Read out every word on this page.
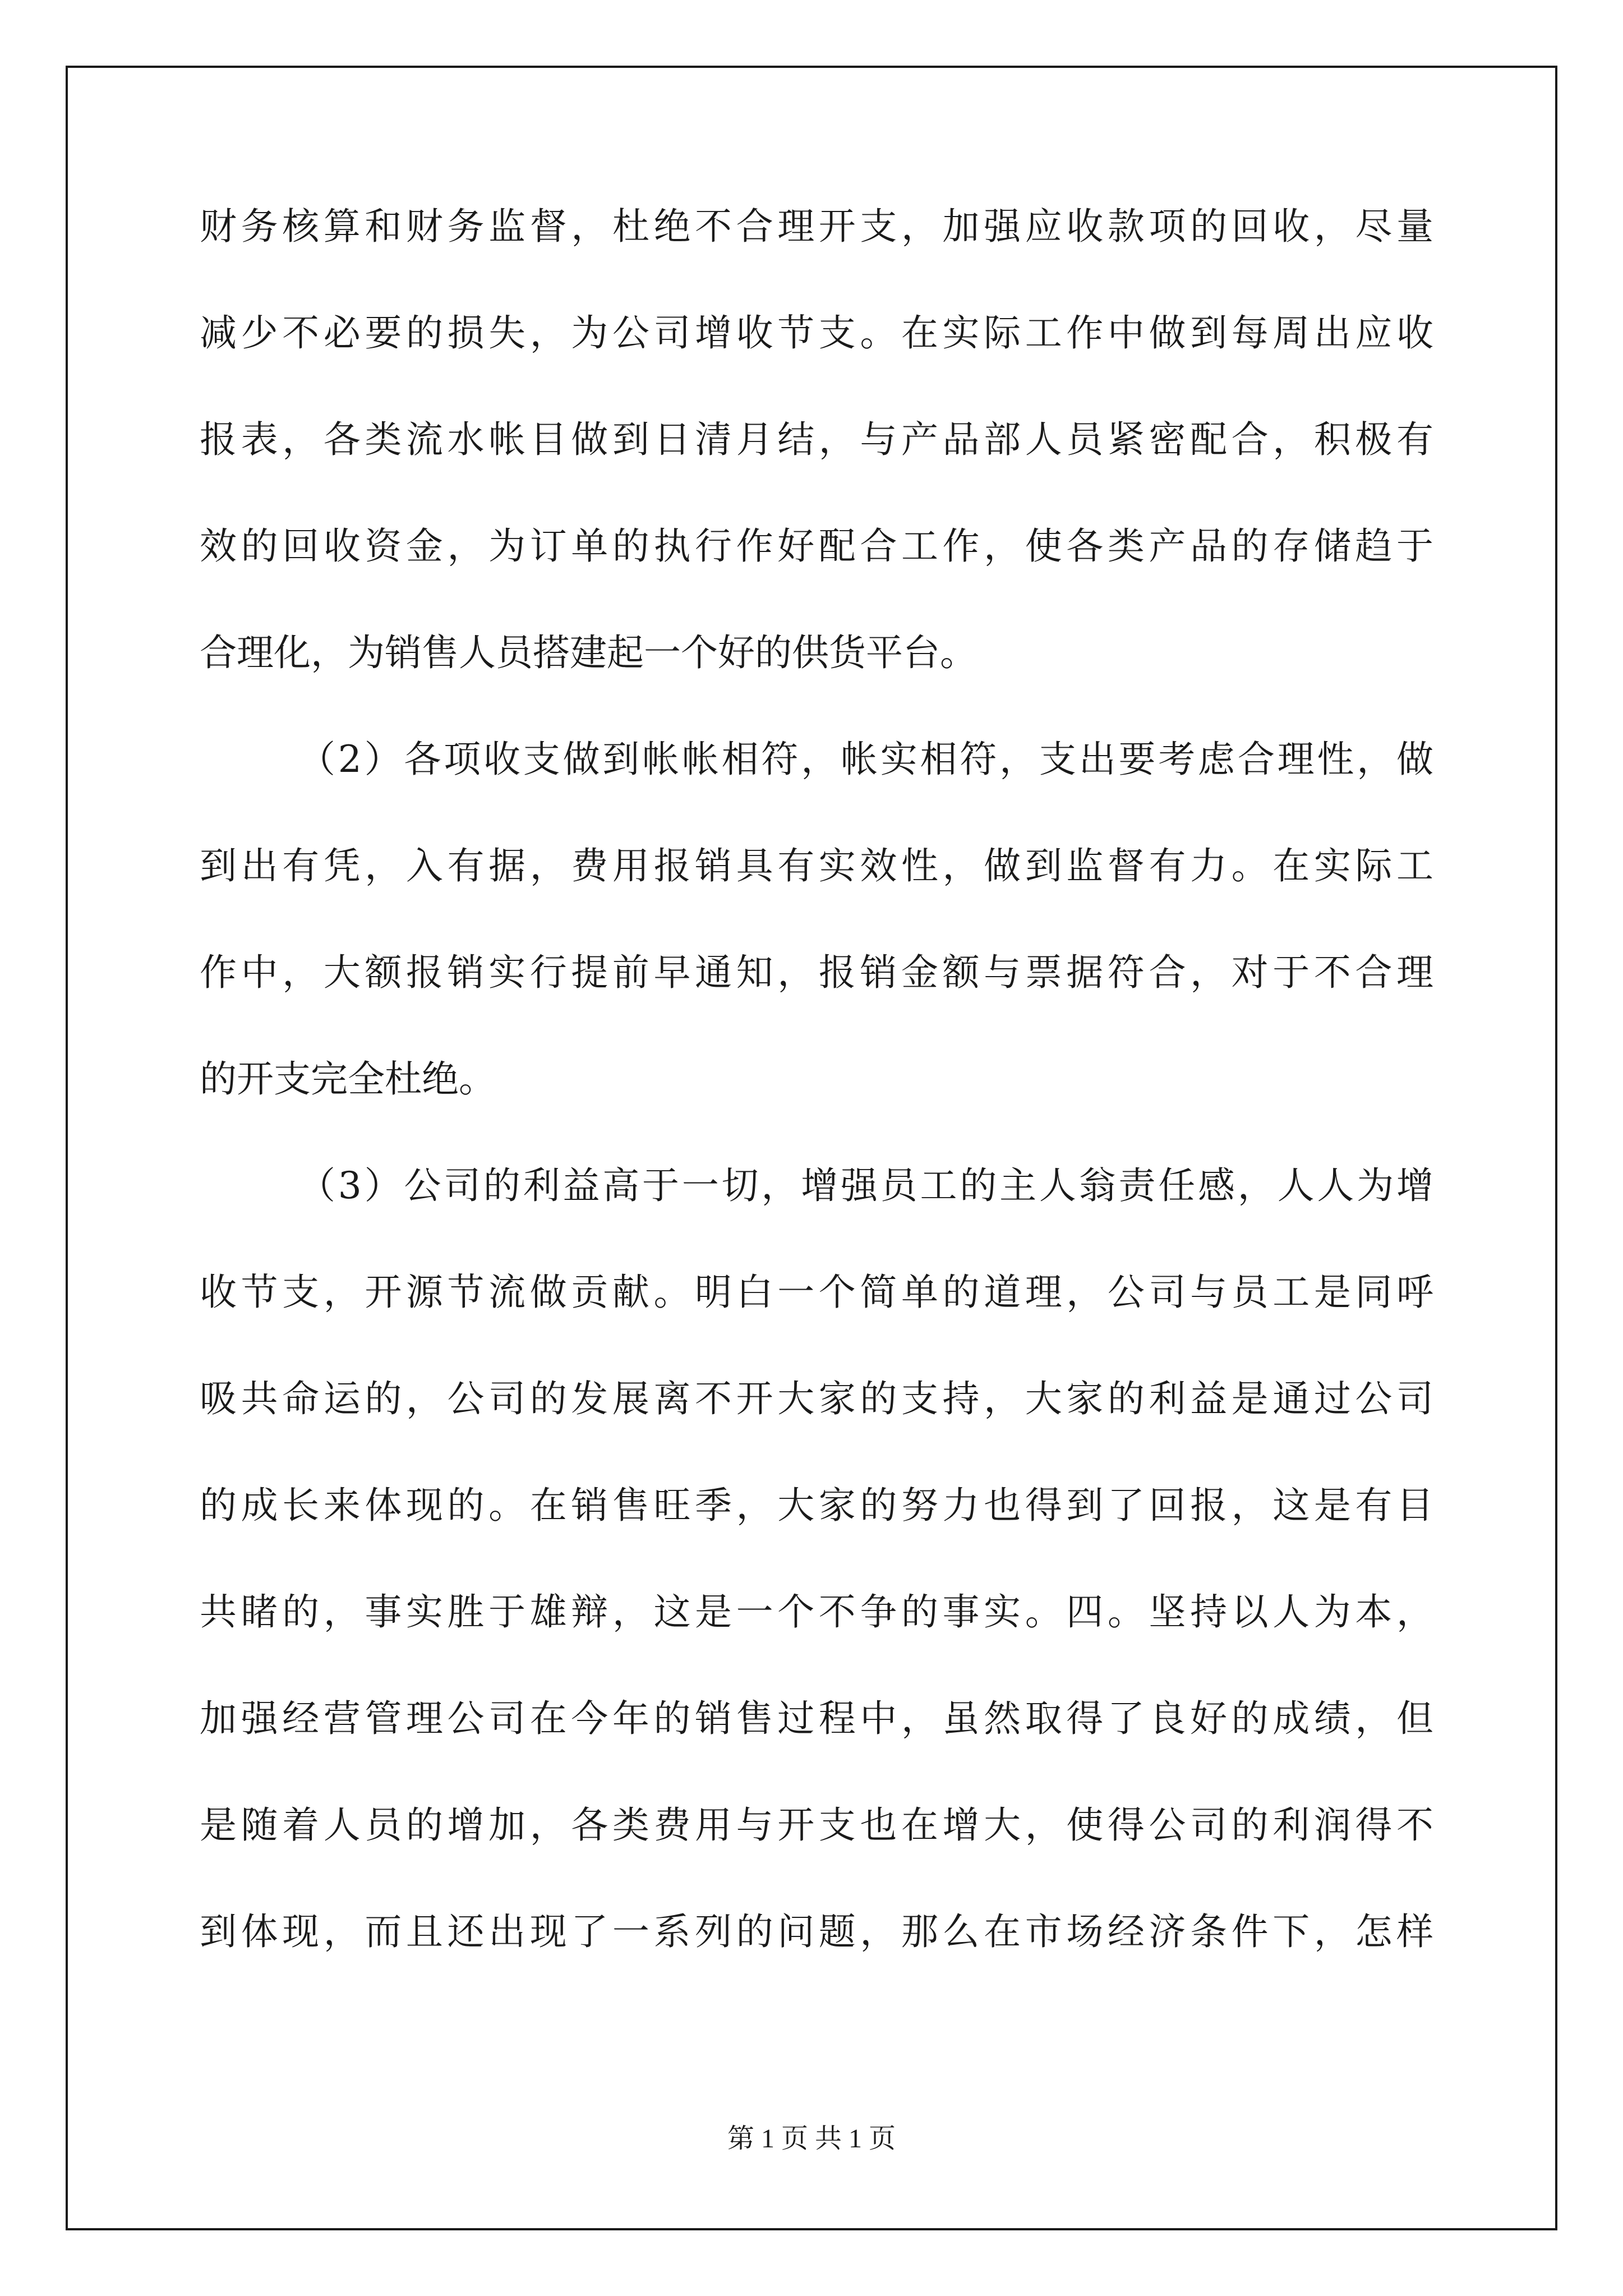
财务核算和财务监督，杜绝不合理开支，加强应收款项的回收，尽量
减少不必要的损失，为公司增收节支。在实际工作中做到每周出应收
报表，各类流水帐目做到日清月结，与产品部人员紧密配合，积极有
效的回收资金，为订单的执行作好配合工作，使各类产品的存储趋于
合理化，为销售人员搭建起一个好的供货平台。

（2）各项收支做到帐帐相符，帐实相符，支出要考虑合理性，做
到出有凭，入有据，费用报销具有实效性，做到监督有力。在实际工
作中，大额报销实行提前早通知，报销金额与票据符合，对于不合理
的开支完全杜绝。

（3）公司的利益高于一切，增强员工的主人翁责任感，人人为增
收节支，开源节流做贡献。明白一个简单的道理，公司与员工是同呼
吸共命运的，公司的发展离不开大家的支持，大家的利益是通过公司
的成长来体现的。在销售旺季，大家的努力也得到了回报，这是有目
共睹的，事实胜于雄辩，这是一个不争的事实。四。坚持以人为本，
加强经营管理公司在今年的销售过程中，虽然取得了良好的成绩，但
是随着人员的增加，各类费用与开支也在增大，使得公司的利润得不
到体现，而且还出现了一系列的问题，那么在市场经济条件下，怎样

第 1 页 共 1 页
